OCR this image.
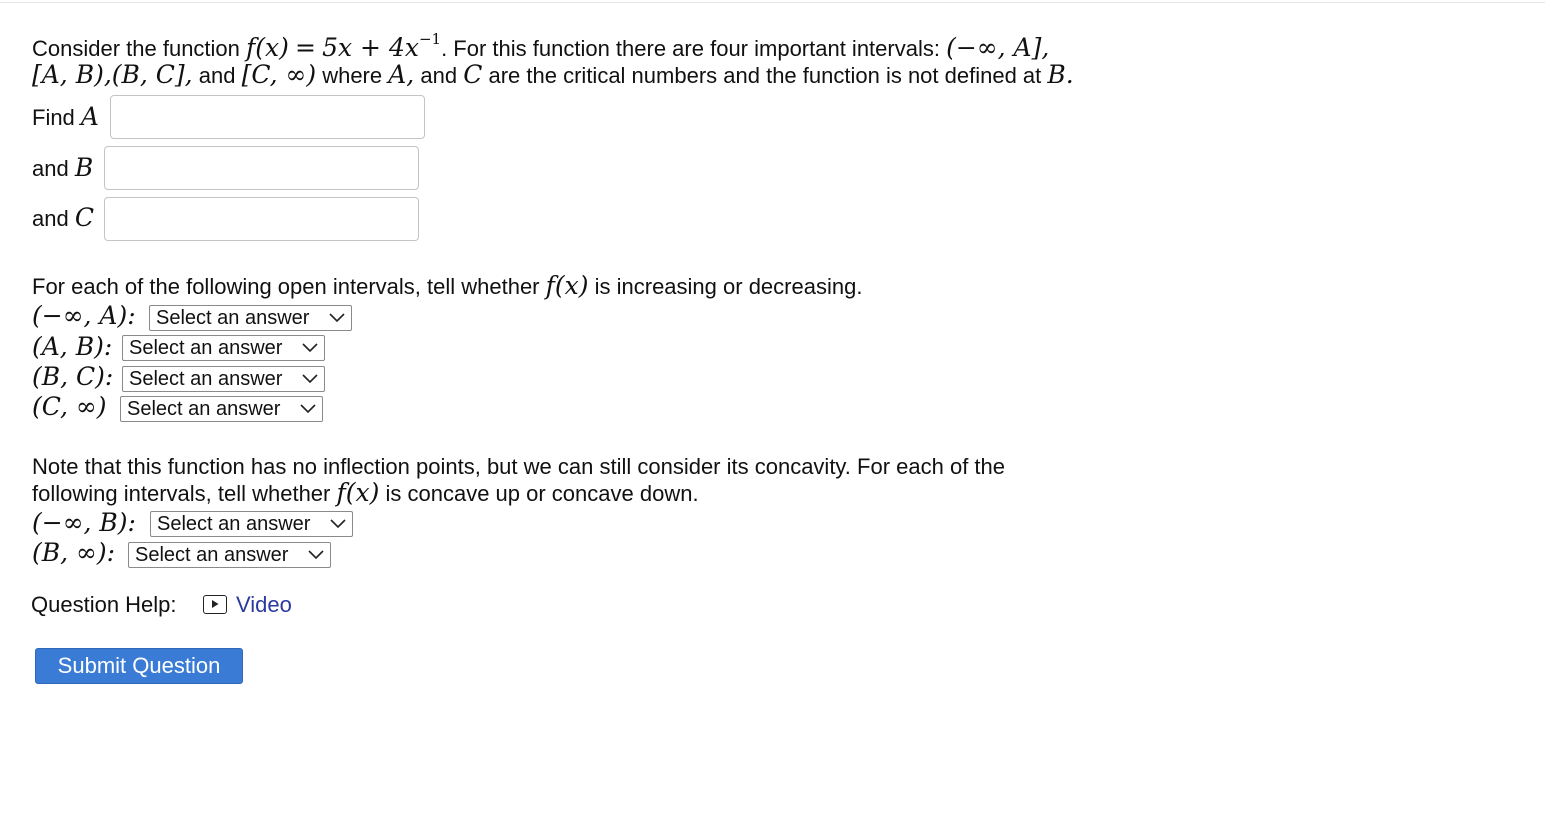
Consider the function $f(x) = 5x + 4x^{-1}$. For this function there are four important intervals: (−∞, A],
[A, B),(B, C], and [C, ∞) where A, and C are the critical numbers and the function is not defined at B.
Find A
and B
and C
For each of the following open intervals, tell whether f(x) is increasing or decreasing.
(−∞, A):	Select an answer
(A, B): Select an answer
(B, C): Select an answer
(C, ∞)	Select an answer
Note that this function has no inflection points, but we can still consider its concavity. For each of the
following intervals, tell whether f(x) is concave up or concave down.
(−∞, B):	Select an answer
(B, ∞): Select an answer
Question Help:	Video
Submit Question
